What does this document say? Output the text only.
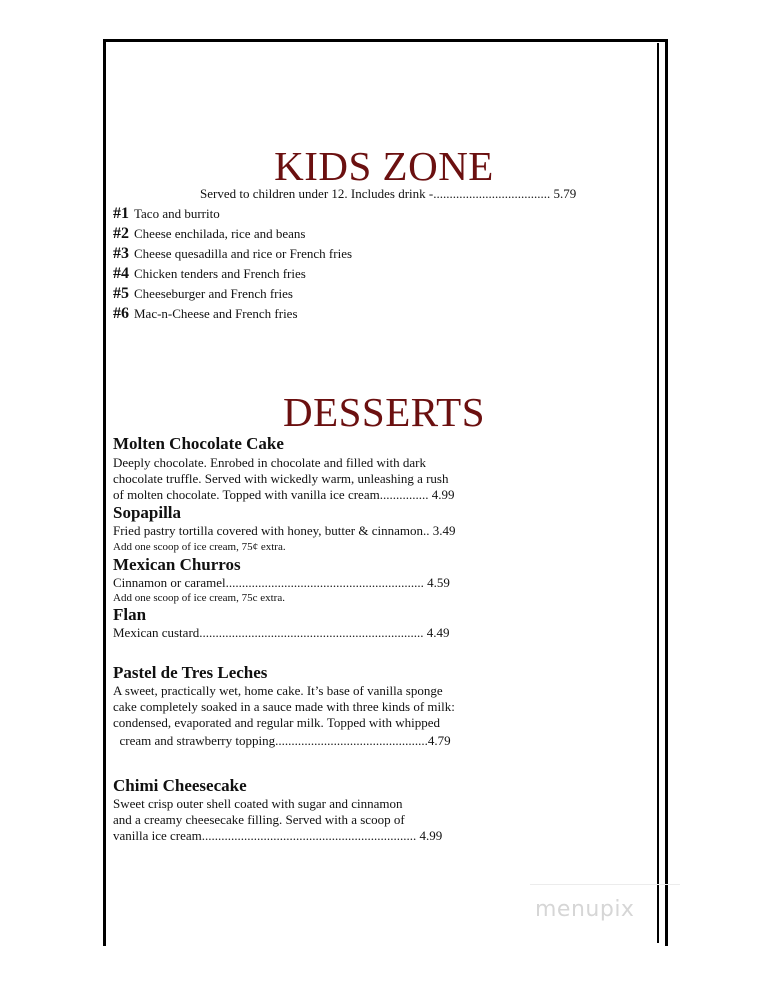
KIDS ZONE
Served to children under 12. Includes drink -.................................... 5.79
#1 Taco and burrito
#2 Cheese enchilada, rice and beans
#3 Cheese quesadilla and rice or French fries
#4 Chicken tenders and French fries
#5 Cheeseburger and French fries
#6 Mac-n-Cheese and French fries
DESSERTS
Molten Chocolate Cake
Deeply chocolate. Enrobed in chocolate and filled with dark
chocolate truffle. Served with wickedly warm, unleashing a rush
of molten chocolate. Topped with vanilla ice cream............... 4.99
Sopapilla
Fried pastry tortilla covered with honey, butter & cinnamon.. 3.49
Add one scoop of ice cream, 75¢ extra.
Mexican Churros
Cinnamon or caramel............................................................. 4.59
Add one scoop of ice cream, 75c extra.
Flan
Mexican custard..................................................................... 4.49
Pastel de Tres Leches
A sweet, practically wet, home cake. It’s base of vanilla sponge
cake completely soaked in a sauce made with three kinds of milk:
condensed, evaporated and regular milk. Topped with whipped
cream and strawberry topping...............................................4.79
Chimi Cheesecake
Sweet crisp outer shell coated with sugar and cinnamon
and a creamy cheesecake filling. Served with a scoop of
vanilla ice cream.................................................................. 4.99
menupix
